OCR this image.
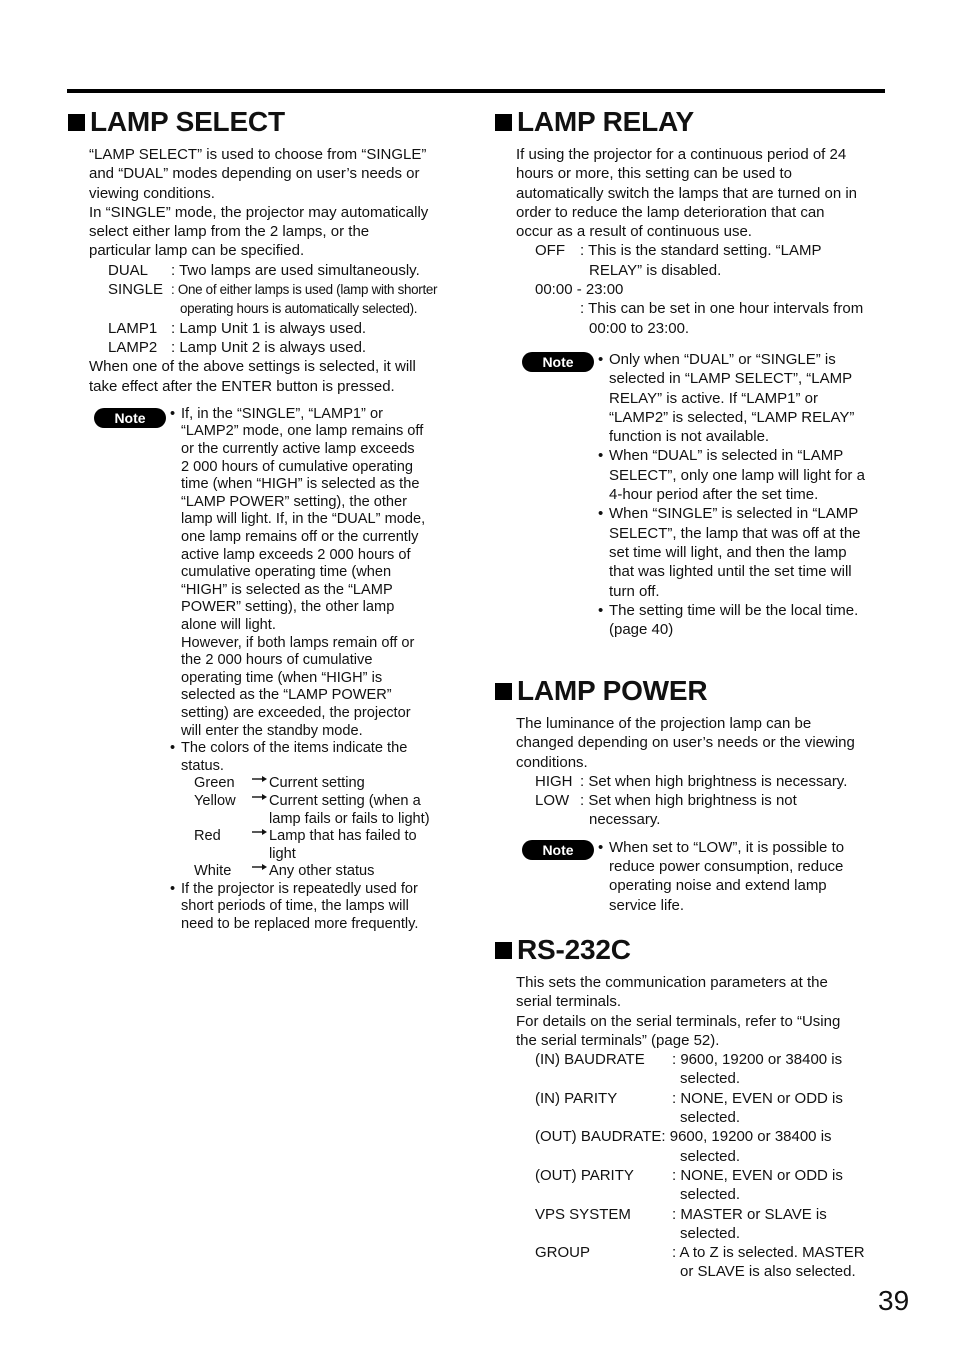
LAMP SELECT
“LAMP SELECT” is used to choose from “SINGLE”
and “DUAL” modes depending on user’s needs or
viewing conditions.
In “SINGLE” mode, the projector may automatically
select either lamp from the 2 lamps, or the
particular lamp can be specified.
DUAL	: Two lamps are used simultaneously.
SINGLE : One of either lamps is used (lamp with shorter
operating hours is automatically selected).
LAMP1 : Lamp Unit 1 is always used.
LAMP2 : Lamp Unit 2 is always used.
When one of the above settings is selected, it will
take effect after the ENTER button is pressed.
Note	• If, in the “SINGLE”, “LAMP1” or
“LAMP2” mode, one lamp remains off
or the currently active lamp exceeds
2 000 hours of cumulative operating
time (when “HIGH” is selected as the
“LAMP POWER” setting), the other
lamp will light. If, in the “DUAL” mode,
one lamp remains off or the currently
active lamp exceeds 2 000 hours of
cumulative operating time (when
“HIGH” is selected as the “LAMP
POWER” setting), the other lamp
alone will light.
However, if both lamps remain off or
the 2 000 hours of cumulative
operating time (when “HIGH” is
selected as the “LAMP POWER”
setting) are exceeded, the projector
will enter the standby mode.
• The colors of the items indicate the
status.
Green	Current setting
Yellow	Current setting (when a
lamp fails or fails to light)
Red	Lamp that has failed to
light
White	Any other status
• If the projector is repeatedly used for
short periods of time, the lamps will
need to be replaced more frequently.
LAMP RELAY
If using the projector for a continuous period of 24
hours or more, this setting can be used to
automatically switch the lamps that are turned on in
order to reduce the lamp deterioration that can
occur as a result of continuous use.
OFF	: This is the standard setting. “LAMP
RELAY” is disabled.
00:00 - 23:00
: This can be set in one hour intervals from
00:00 to 23:00.
Note	• Only when “DUAL” or “SINGLE” is
selected in “LAMP SELECT”, “LAMP
RELAY” is active. If “LAMP1” or
“LAMP2” is selected, “LAMP RELAY”
function is not available.
• When “DUAL” is selected in “LAMP
SELECT”, only one lamp will light for a
4-hour period after the set time.
• When “SINGLE” is selected in “LAMP
SELECT”, the lamp that was off at the
set time will light, and then the lamp
that was lighted until the set time will
turn off.
• The setting time will be the local time.
(page 40)
LAMP POWER
The luminance of the projection lamp can be
changed depending on user’s needs or the viewing
conditions.
HIGH : Set when high brightness is necessary.
LOW : Set when high brightness is not
necessary.
Note	• When set to “LOW”, it is possible to
reduce power consumption, reduce
operating noise and extend lamp
service life.
RS-232C
This sets the communication parameters at the
serial terminals.
For details on the serial terminals, refer to “Using
the serial terminals” (page 52).
(IN) BAUDRATE	: 9600, 19200 or 38400 is
selected.
(IN) PARITY	: NONE, EVEN or ODD is
selected.
(OUT) BAUDRATE : 9600, 19200 or 38400 is
selected.
(OUT) PARITY	: NONE, EVEN or ODD is
selected.
VPS SYSTEM	: MASTER or SLAVE is
selected.
GROUP	: A to Z is selected. MASTER
or SLAVE is also selected.
39
